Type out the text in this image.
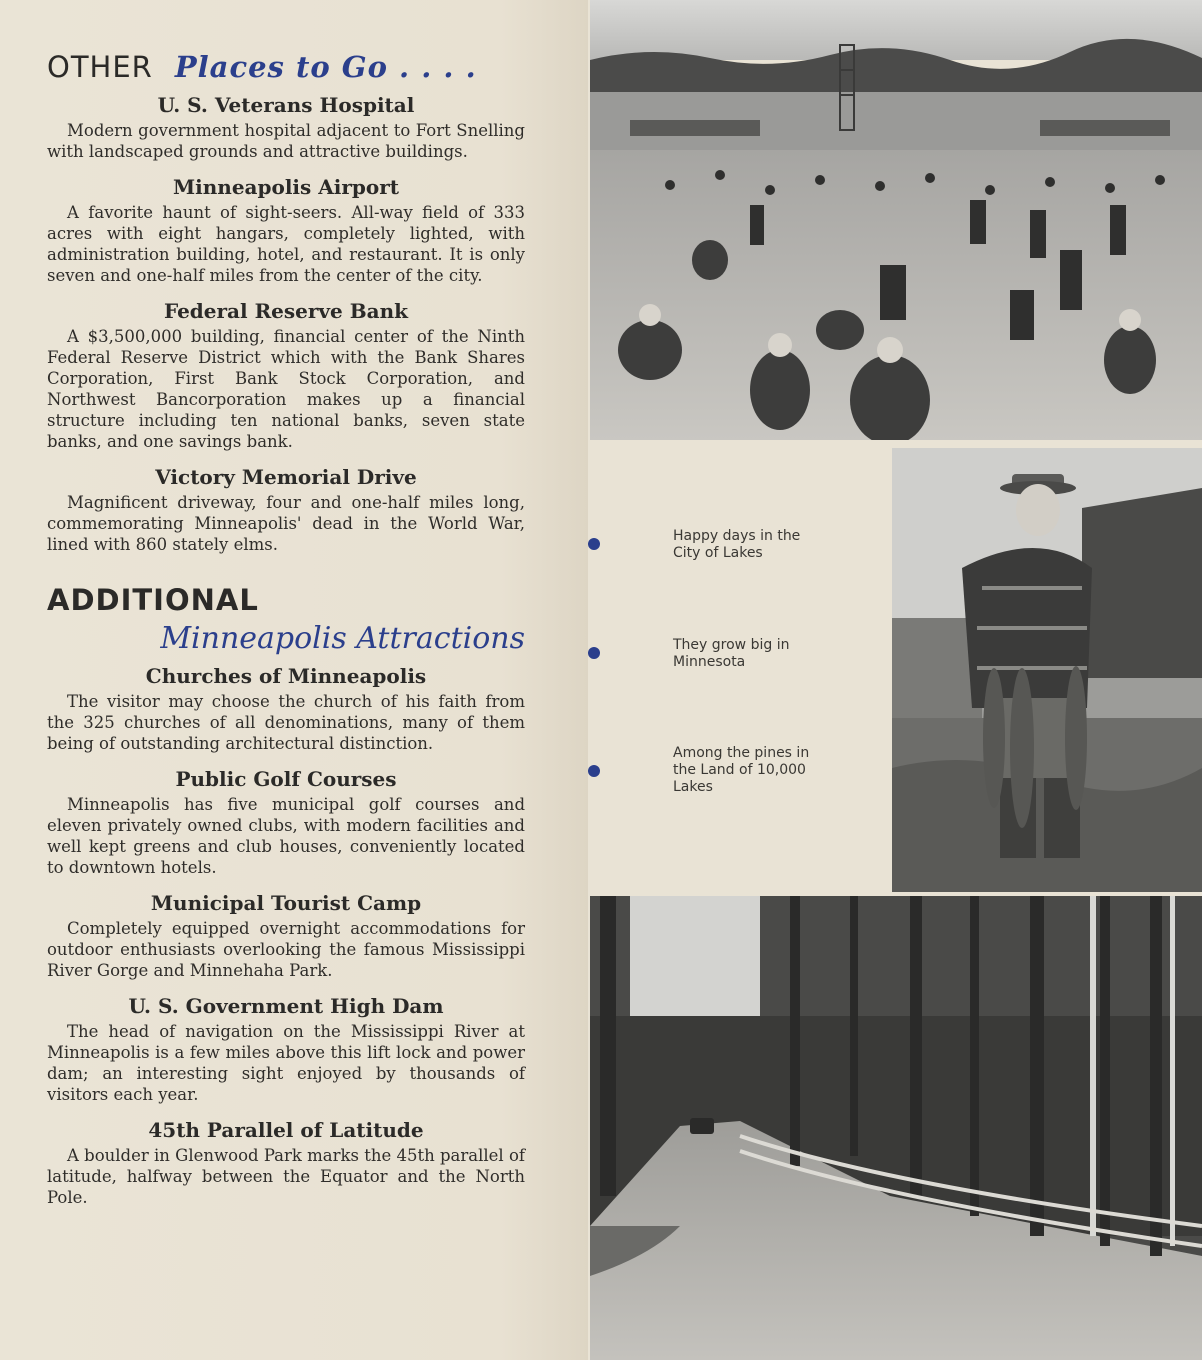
OTHER Places to Go . . . .
U. S. Veterans Hospital

Modern government hospital adjacent to Fort Snelling with landscaped grounds and attractive buildings.

Minneapolis Airport

A favorite haunt of sight-seers. All-way field of 333 acres with eight hangars, completely lighted, with administration building, hotel, and restaurant. It is only seven and one-half miles from the center of the city.

Federal Reserve Bank

A $3,500,000 building, financial center of the Ninth Federal Reserve District which with the Bank Shares Corporation, First Bank Stock Corporation, and Northwest Bancorporation makes up a financial structure including ten national banks, seven state banks, and one savings bank.

Victory Memorial Drive

Magnificent driveway, four and one-half miles long, commemorating Minneapolis' dead in the World War, lined with 860 stately elms.

ADDITIONAL
Minneapolis Attractions
Churches of Minneapolis

The visitor may choose the church of his faith from the 325 churches of all denominations, many of them being of outstanding architectural distinction.

Public Golf Courses

Minneapolis has five municipal golf courses and eleven privately owned clubs, with modern facilities and well kept greens and club houses, conveniently located to downtown hotels.

Municipal Tourist Camp

Completely equipped overnight accommodations for outdoor enthusiasts overlooking the famous Mississippi River Gorge and Minnehaha Park.

U. S. Government High Dam

The head of navigation on the Mississippi River at Minneapolis is a few miles above this lift lock and power dam; an interesting sight enjoyed by thousands of visitors each year.

45th Parallel of Latitude

A boulder in Glenwood Park marks the 45th parallel of latitude, halfway between the Equator and the North Pole.

Happy days in the City of Lakes
They grow big in Minnesota
Among the pines in the Land of 10,000 Lakes
